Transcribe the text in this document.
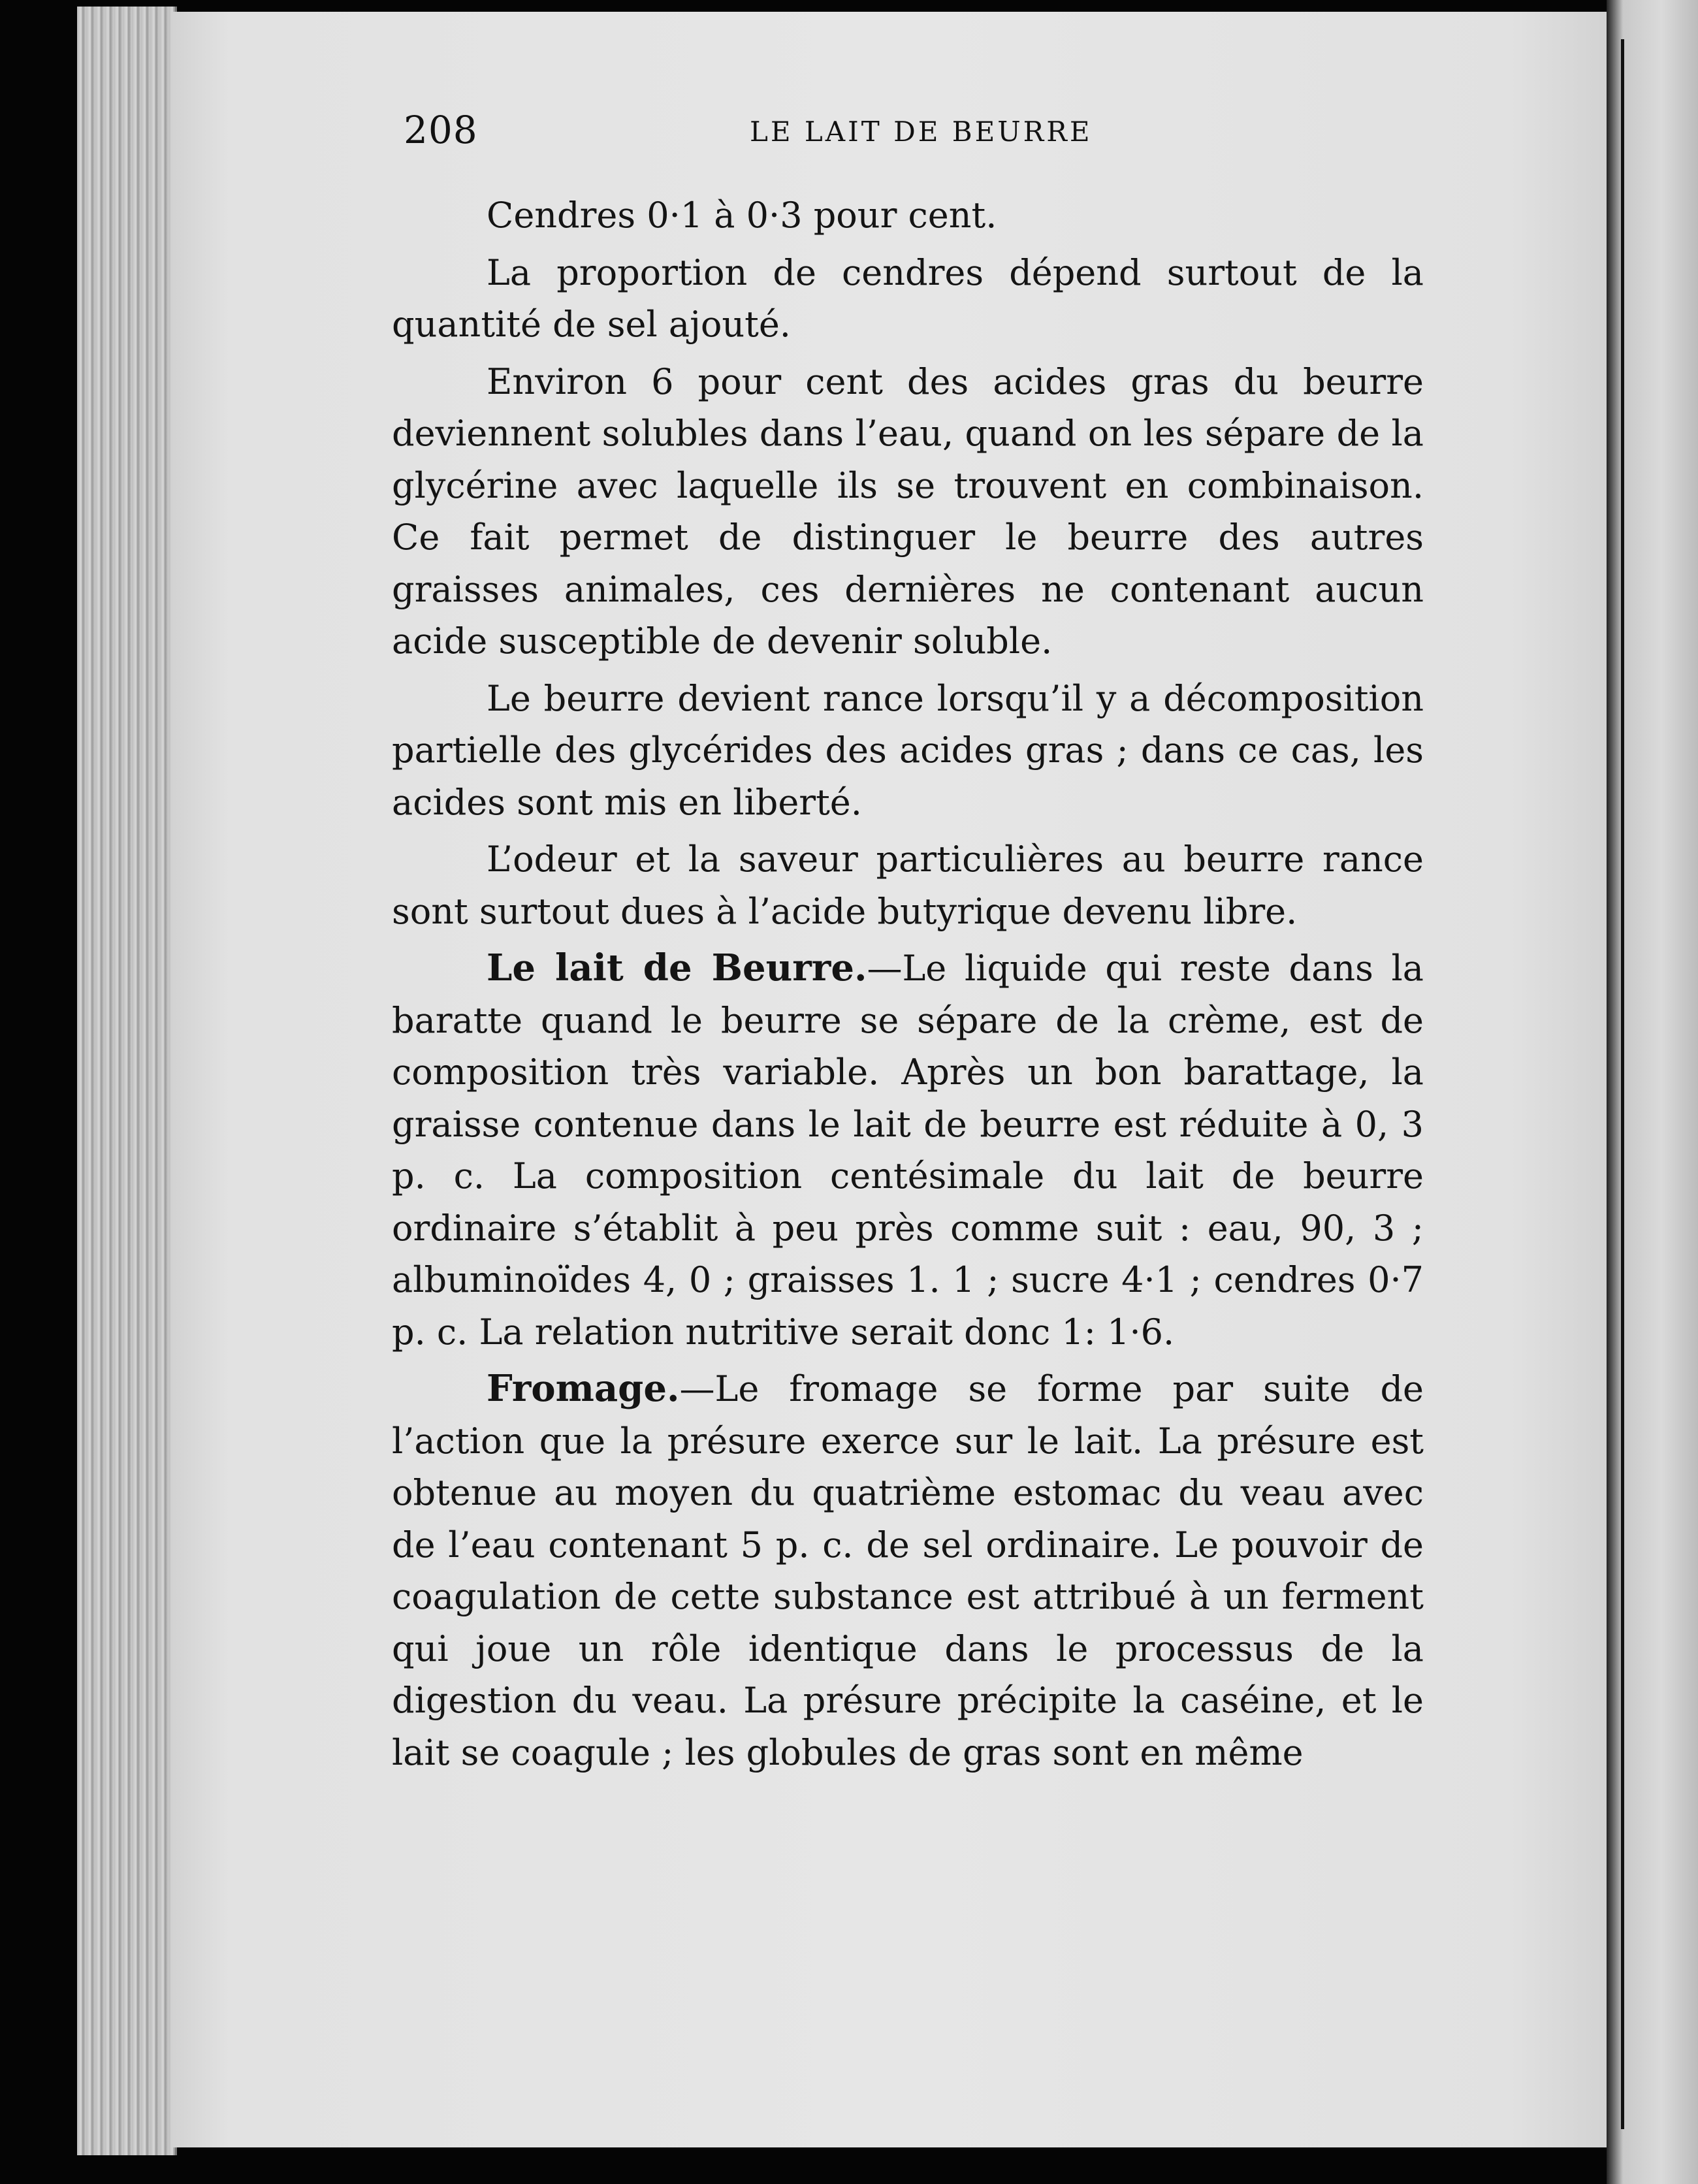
208	LE LAIT DE BEURRE

Cendres 0·1 à 0·3 pour cent.

La proportion de cendres dépend surtout de la quantité de sel ajouté.

Environ 6 pour cent des acides gras du beurre deviennent solubles dans l’eau, quand on les sépare de la glycérine avec laquelle ils se trouvent en combinaison. Ce fait permet de distinguer le beurre des autres graisses animales, ces dernières ne contenant aucun acide susceptible de devenir soluble.

Le beurre devient rance lorsqu’il y a décomposition partielle des glycérides des acides gras ; dans ce cas, les acides sont mis en liberté.

L’odeur et la saveur particulières au beurre rance sont surtout dues à l’acide butyrique devenu libre.

Le lait de Beurre.—Le liquide qui reste dans la baratte quand le beurre se sépare de la crème, est de composition très variable. Après un bon barattage, la graisse contenue dans le lait de beurre est réduite à 0, 3 p. c. La composition centésimale du lait de beurre ordinaire s’établit à peu près comme suit : eau, 90, 3 ; albuminoïdes 4, 0 ; graisses 1. 1 ; sucre 4·1 ; cendres 0·7 p. c. La relation nutritive serait donc 1: 1·6.

Fromage.—Le fromage se forme par suite de l’action que la présure exerce sur le lait. La présure est obtenue au moyen du quatrième estomac du veau avec de l’eau contenant 5 p. c. de sel ordinaire. Le pouvoir de coagulation de cette substance est attribué à un ferment qui joue un rôle identique dans le processus de la digestion du veau. La présure précipite la caséine, et le lait se coagule ; les globules de gras sont en même
